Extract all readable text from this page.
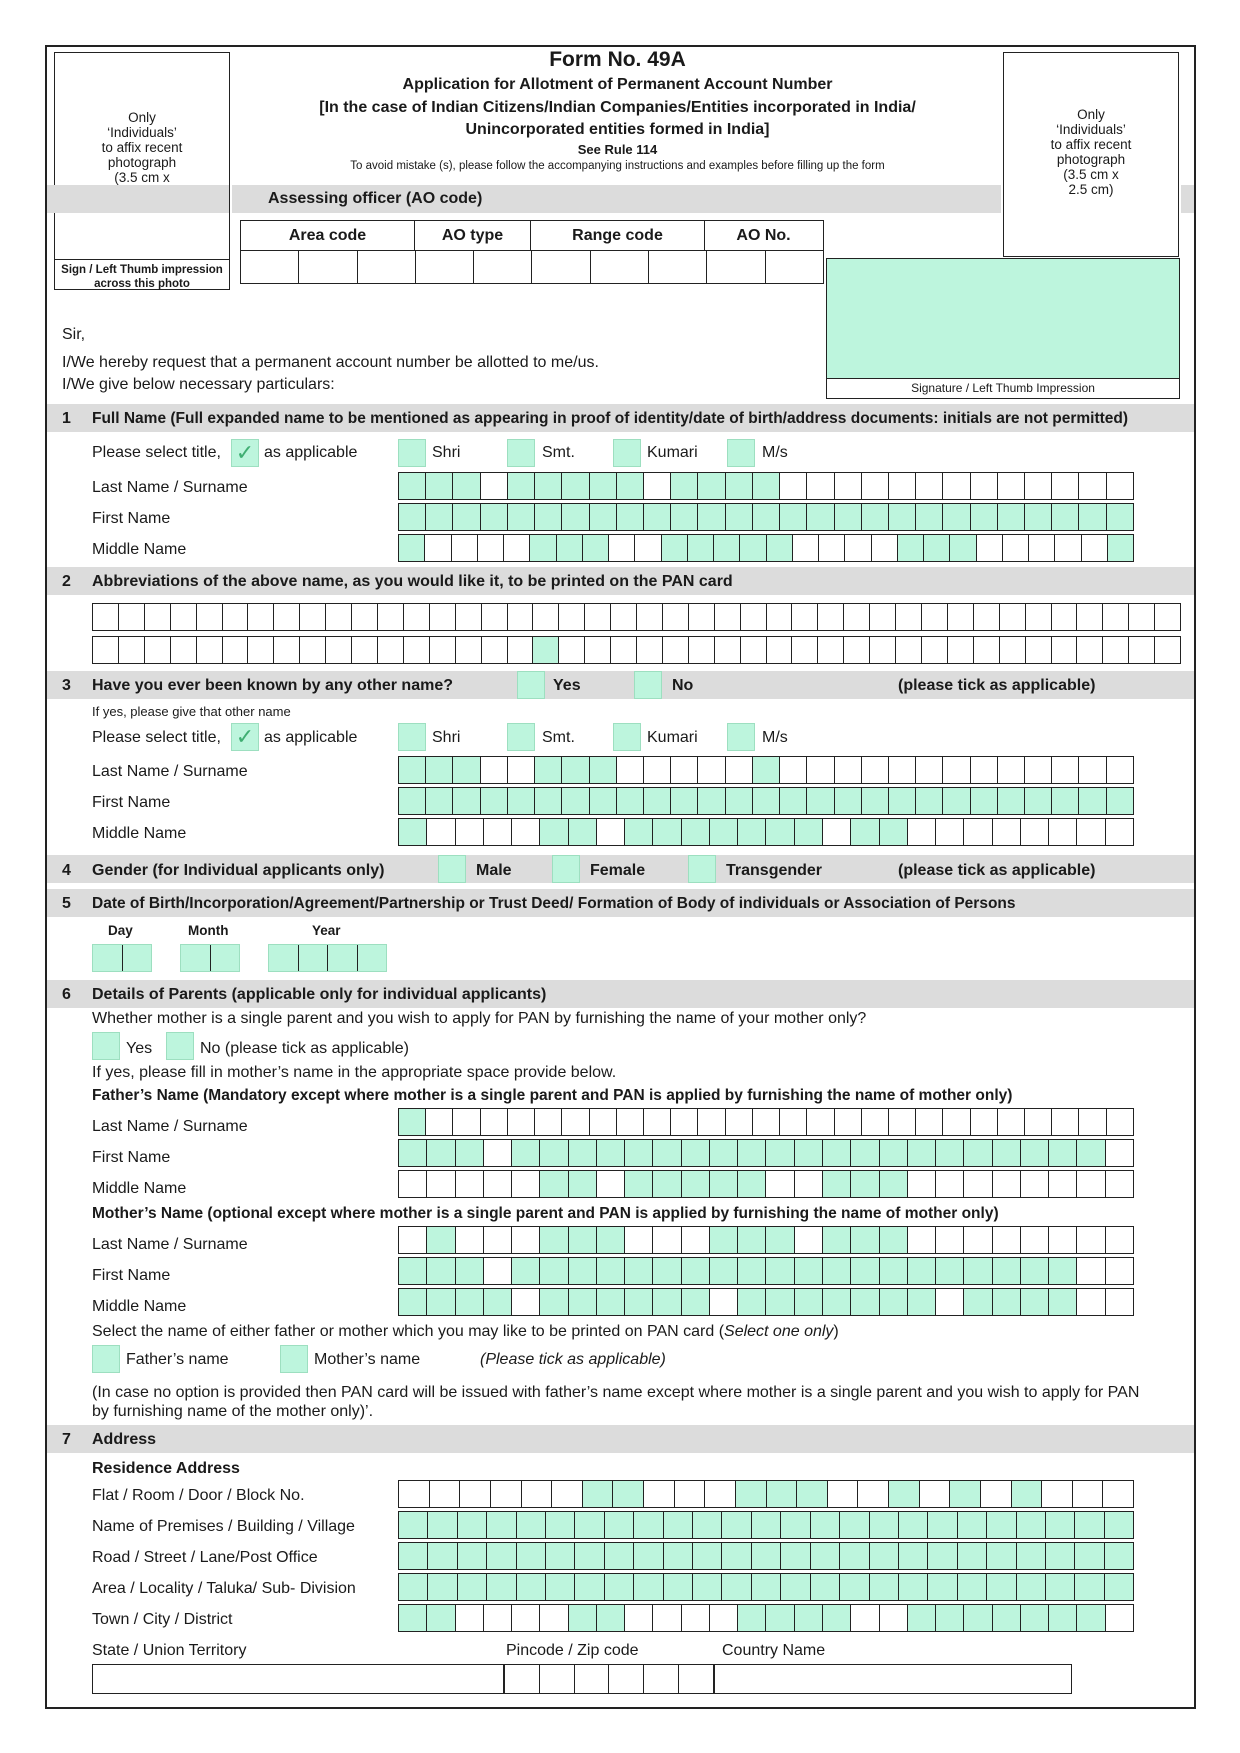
Only
‘Individuals’
to affix recent
photograph
(3.5 cm x
Sign / Left Thumb impression
across this photo
Only
‘Individuals’
to affix recent
photograph
(3.5 cm x
2.5 cm)
Form No. 49A
Application for Allotment of Permanent Account Number
[In the case of Indian Citizens/Indian Companies/Entities incorporated in India/
Unincorporated entities formed in India]
See Rule 114
To avoid mistake (s), please follow the accompanying instructions and examples before filling up the form
Assessing officer (AO code)
Area code	AO type	Range code	AO No.
Signature / Left Thumb Impression
Sir,
I/We hereby request that a permanent account number be allotted to me/us.
I/We give below necessary particulars:
1 Full Name (Full expanded name to be mentioned as appearing in proof of identity/date of birth/address documents: initials are not permitted)
Please select title, ✓ as applicable	Shri	Smt.	Kumari	M/s
Last Name / Surname
First Name
Middle Name
2 Abbreviations of the above name, as you would like it, to be printed on the PAN card
3 Have you ever been known by any other name?	Yes	No	(please tick as applicable)
If yes, please give that other name
Please select title, ✓ as applicable	Shri	Smt.	Kumari	M/s
Last Name / Surname
First Name
Middle Name
4 Gender (for Individual applicants only)	Male	Female	Transgender	(please tick as applicable)
5 Date of Birth/Incorporation/Agreement/Partnership or Trust Deed/ Formation of Body of individuals or Association of Persons
Day	Month	Year
6 Details of Parents (applicable only for individual applicants)
Whether mother is a single parent and you wish to apply for PAN by furnishing the name of your mother only?
Yes	No (please tick as applicable)
If yes, please fill in mother’s name in the appropriate space provide below.
Father’s Name (Mandatory except where mother is a single parent and PAN is applied by furnishing the name of mother only)
Last Name / Surname
First Name
Middle Name
Mother’s Name (optional except where mother is a single parent and PAN is applied by furnishing the name of mother only)
Last Name / Surname
First Name
Middle Name
Select the name of either father or mother which you may like to be printed on PAN card (Select one only)
Father’s name	Mother’s name	(Please tick as applicable)
(In case no option is provided then PAN card will be issued with father’s name except where mother is a single parent and you wish to apply for PAN
by furnishing name of the mother only)’.
7 Address
Residence Address
Flat / Room / Door / Block No.
Name of Premises / Building / Village
Road / Street / Lane/Post Office
Area / Locality / Taluka/ Sub- Division
Town / City / District
State / Union Territory	Pincode / Zip code	Country Name
